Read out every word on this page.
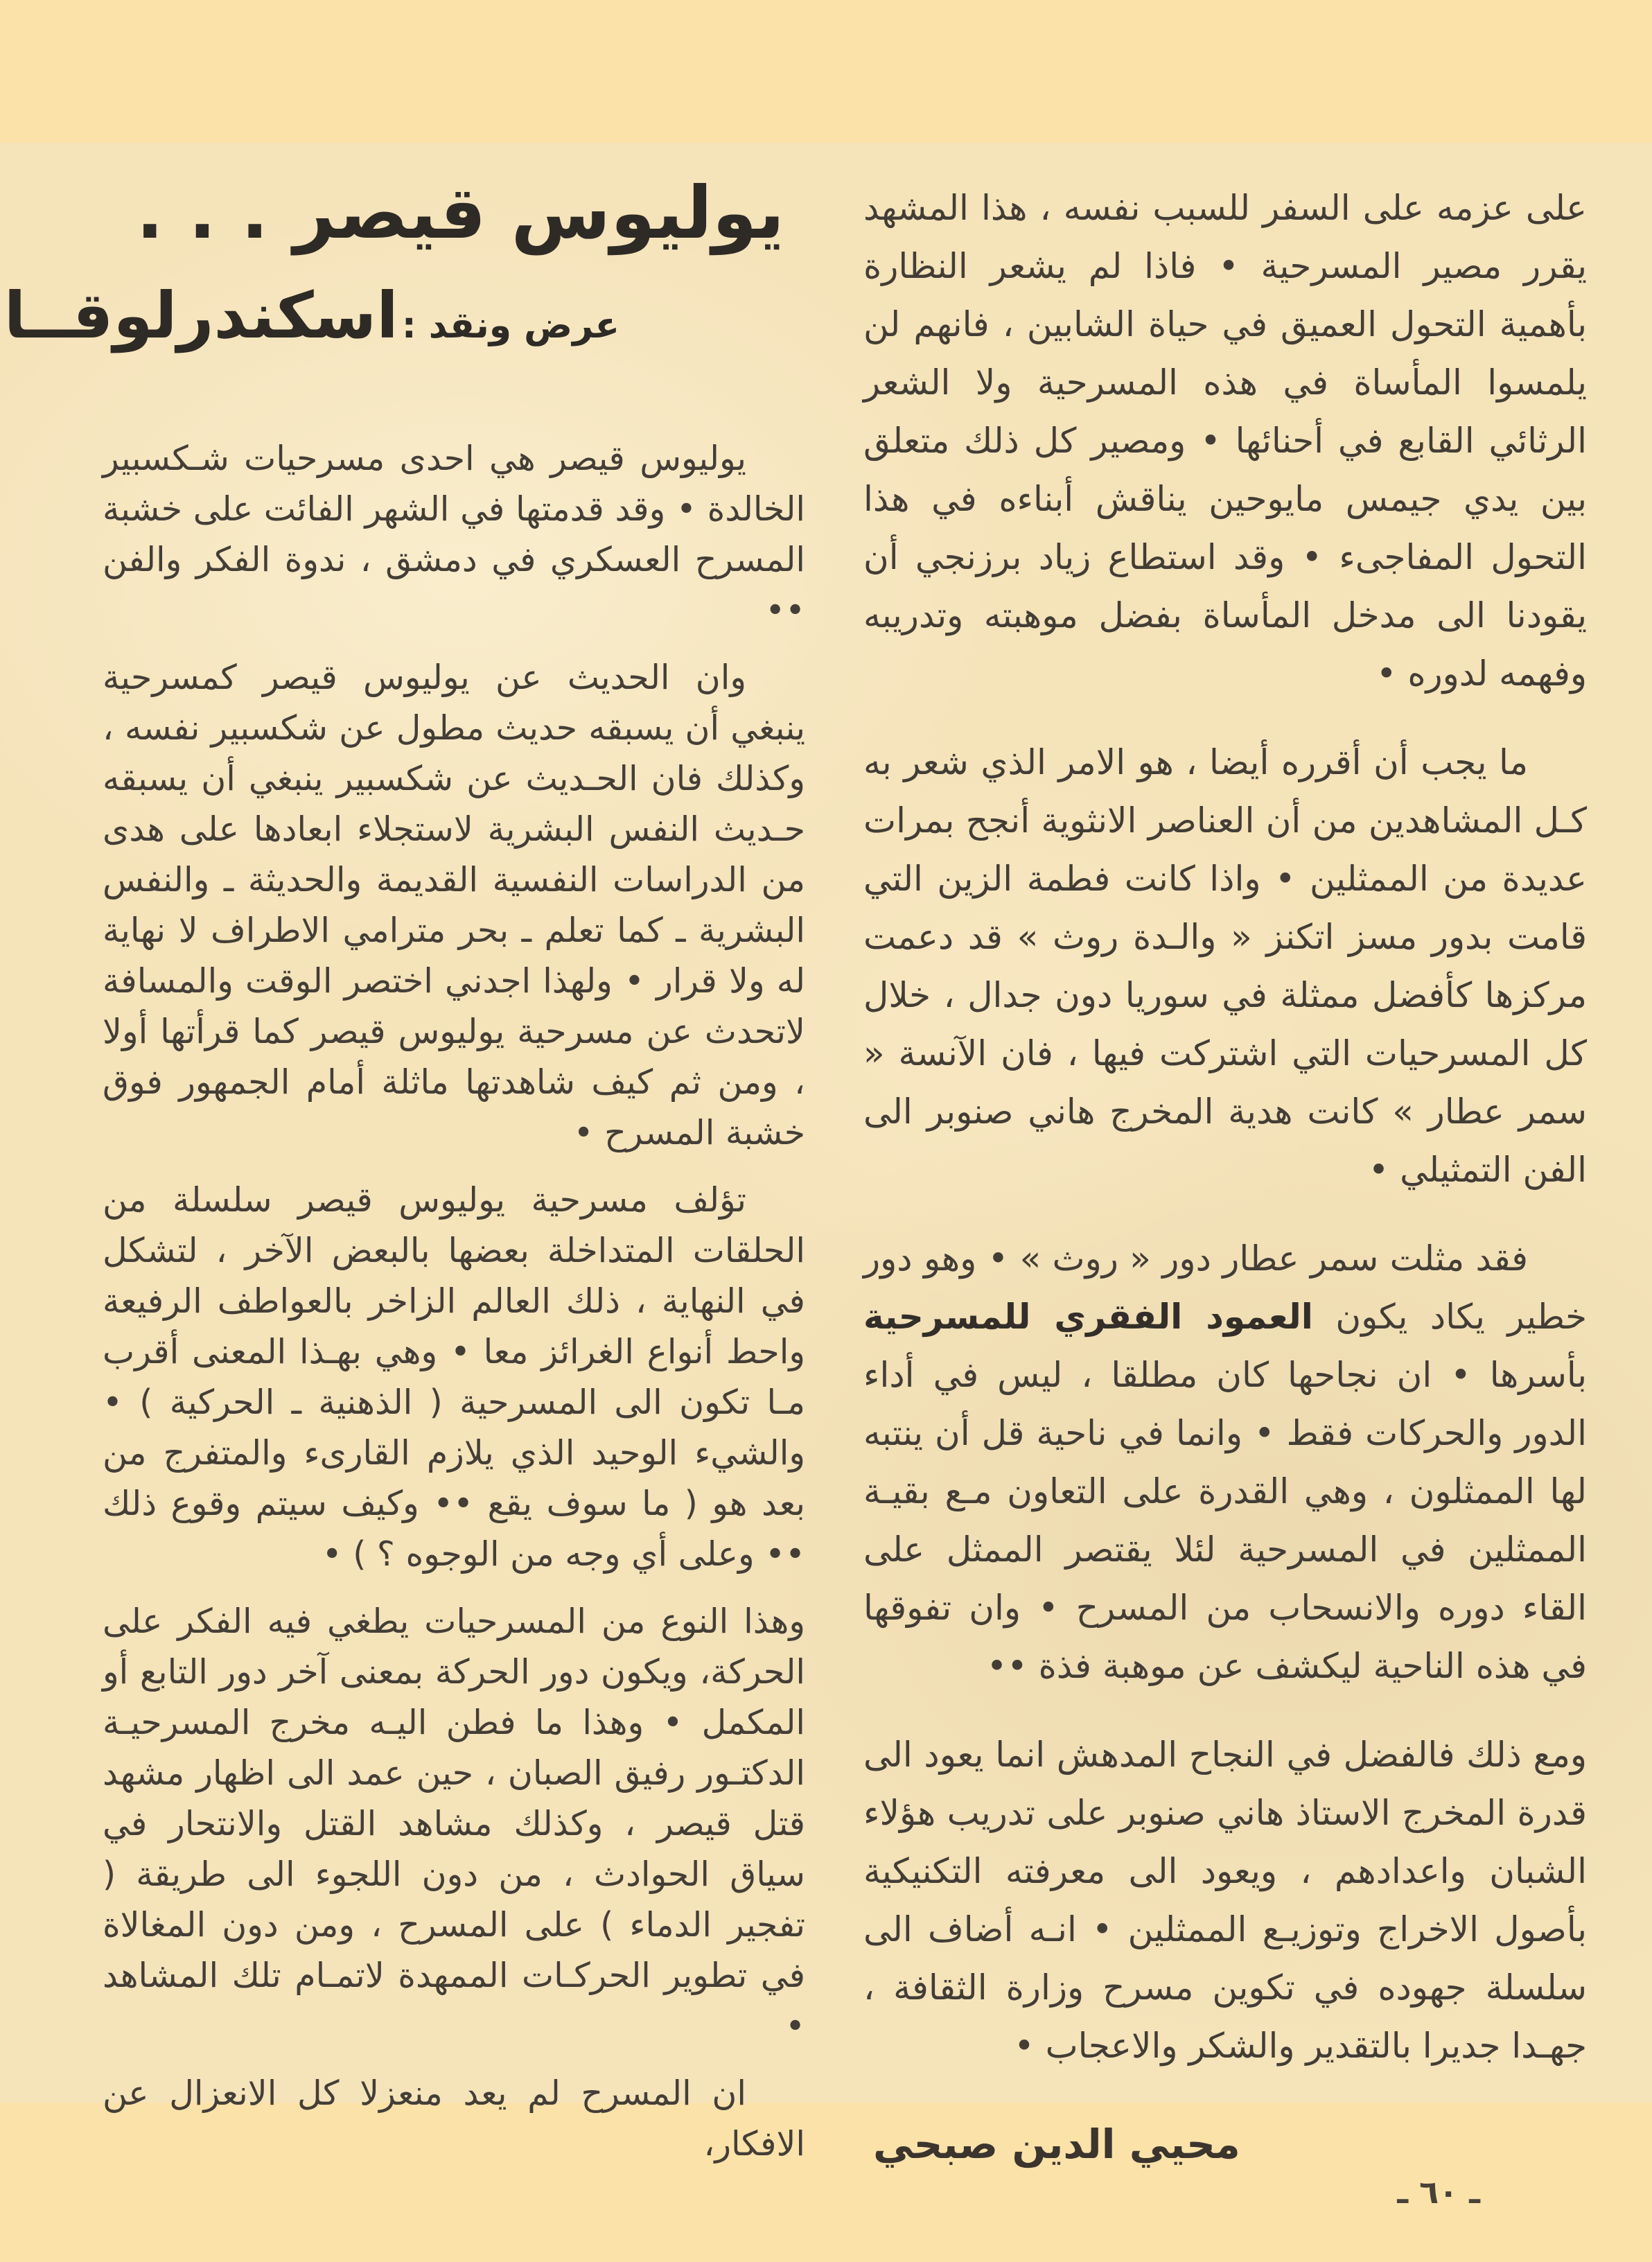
يوليوس قيصر . . .
عرض ونقد : اسكندرلوقــا

يوليوس قيصر هي احدى مسرحيات شـكسبير الخالدة • وقد قدمتها في الشهر الفائت على خشبة المسرح العسكري في دمشق ، ندوة الفكر والفن ••

وان الحديث عن يوليوس قيصر كمسرحية ينبغي أن يسبقه حديث مطول عن شكسبير نفسه ، وكذلك فان الحـديث عن شكسبير ينبغي أن يسبقه حـديث النفس البشرية لاستجلاء ابعادها على هدى من الدراسات النفسية القديمة والحديثة ـ والنفس البشرية ـ كما تعلم ـ بحر مترامي الاطراف لا نهاية له ولا قرار • ولهذا اجدني اختصر الوقت والمسافة لاتحدث عن مسرحية يوليوس قيصر كما قرأتها أولا ، ومن ثم كيف شاهدتها ماثلة أمام الجمهور فوق خشبة المسرح •

تؤلف مسرحية يوليوس قيصر سلسلة من الحلقات المتداخلة بعضها بالبعض الآخر ، لتشكل في النهاية ، ذلك العالم الزاخر بالعواطف الرفيعة واحط أنواع الغرائز معا • وهي بهـذا المعنى أقرب مـا تكون الى المسرحية ( الذهنية ـ الحركية ) • والشيء الوحيد الذي يلازم القارىء والمتفرج من بعد هو ( ما سوف يقع •• وكيف سيتم وقوع ذلك •• وعلى أي وجه من الوجوه ؟ ) •

وهذا النوع من المسرحيات يطغي فيه الفكر على الحركة، ويكون دور الحركة بمعنى آخر دور التابع أو المكمل • وهذا ما فطن اليـه مخرج المسرحيـة الدكتـور رفيق الصبان ، حين عمد الى اظهار مشهد قتل قيصر ، وكذلك مشاهد القتل والانتحار في سياق الحوادث ، من دون اللجوء الى طريقة ( تفجير الدماء ) على المسرح ، ومن دون المغالاة في تطوير الحركـات الممهدة لاتمـام تلك المشاهد •

ان المسرح لم يعد منعزلا كل الانعزال عن الافكار،

على عزمه على السفر للسبب نفسه ، هذا المشهد يقرر مصير المسرحية • فاذا لم يشعر النظارة بأهمية التحول العميق في حياة الشابين ، فانهم لن يلمسوا المأساة في هذه المسرحية ولا الشعر الرثائي القابع في أحنائها • ومصير كل ذلك متعلق بين يدي جيمس مايوحين يناقش أبناءه في هذا التحول المفاجىء • وقد استطاع زياد برزنجي أن يقودنا الى مدخل المأساة بفضل موهبته وتدريبه وفهمه لدوره •

ما يجب أن أقرره أيضا ، هو الامر الذي شعر به كـل المشاهدين من أن العناصر الانثوية أنجح بمرات عديدة من الممثلين • واذا كانت فطمة الزين التي قامت بدور مسز اتكنز « والـدة روث » قد دعمت مركزها كأفضل ممثلة في سوريا دون جدال ، خلال كل المسرحيات التي اشتركت فيها ، فان الآنسة « سمر عطار » كانت هدية المخرج هاني صنوبر الى الفن التمثيلي •

فقد مثلت سمر عطار دور « روث » • وهو دور خطير يكاد يكون العمود الفقري للمسرحية بأسرها • ان نجاحها كان مطلقا ، ليس في أداء الدور والحركات فقط • وانما في ناحية قل أن ينتبه لها الممثلون ، وهي القدرة على التعاون مـع بقيـة الممثلين في المسرحية لئلا يقتصر الممثل على القاء دوره والانسحاب من المسرح • وان تفوقها في هذه الناحية ليكشف عن موهبة فذة ••

ومع ذلك فالفضل في النجاح المدهش انما يعود الى قدرة المخرج الاستاذ هاني صنوبر على تدريب هؤلاء الشبان واعدادهم ، ويعود الى معرفته التكنيكية بأصول الاخراج وتوزيـع الممثلين • انـه أضاف الى سلسلة جهوده في تكوين مسرح وزارة الثقافة ، جهـدا جديرا بالتقدير والشكر والاعجاب •

محيي الدين صبحي
ـ ٦٠ ـ
